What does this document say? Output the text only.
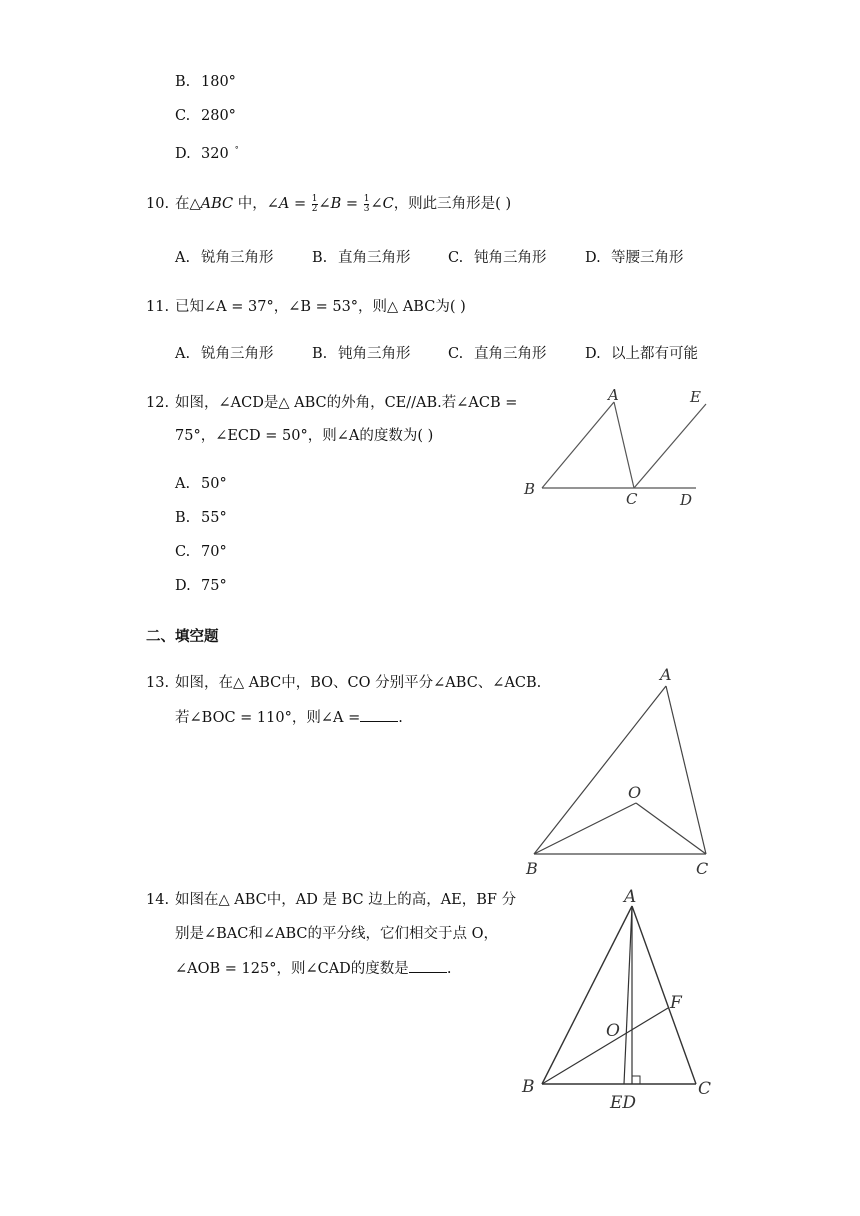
B. 180°
C. 280°
D. 320 °
10. 在△ABC 中，∠A = $\frac{1}{2}$ ∠B = $\frac{1}{3}$ ∠C，则此三角形是( )
A. 锐角三角形	B. 直角三角形	C. 钝角三角形	D. 等腰三角形
11. 已知∠A = 37°，∠B = 53°，则△ ABC为( )
A. 锐角三角形	B. 钝角三角形	C. 直角三角形	D. 以上都有可能
12. 如图，∠ACD是△ ABC的外角，CE//AB.若∠ACB =
75°，∠ECD = 50°，则∠A的度数为( )
A. 50°
B. 55°
C. 70°
D. 75°
A	E
B
C	D
二、填空题
13. 如图，在△ ABC中，BO、CO 分别平分∠ABC、∠ACB.
若∠BOC = 110°，则∠A =	.
A
O
B	C
14. 如图在△ ABC中，AD 是 BC 边上的高，AE，BF 分
别是∠BAC和∠ABC的平分线，它们相交于点 O，
∠AOB = 125°，则∠CAD的度数是	.
A
F
O
B	C
ED
